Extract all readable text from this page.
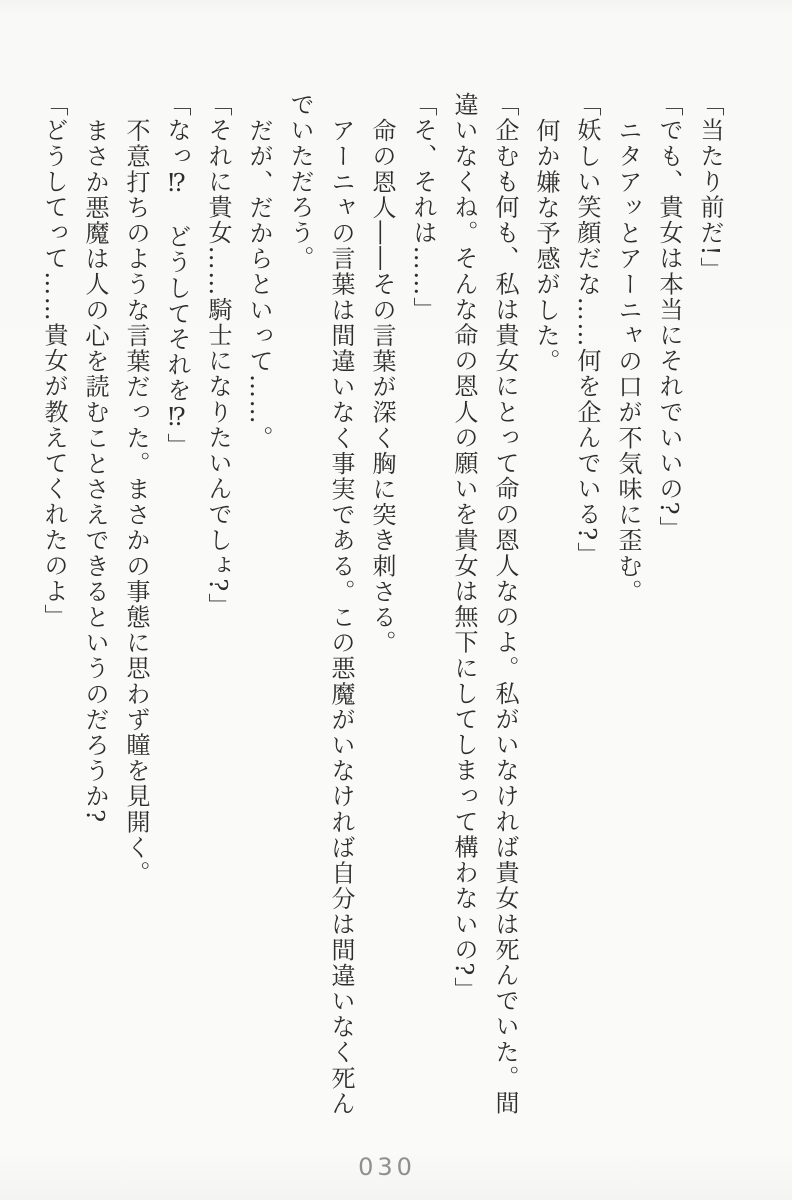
「当たり前だ!」

「でも、貴女は本当にそれでいいの?」

ニタアッとアーニャの口が不気味に歪む。

「妖しい笑顔だな……何を企んでいる?」

何か嫌な予感がした。

「企むも何も、私は貴女にとって命の恩人なのよ。私がいなければ貴女は死んでいた。間

違いなくね。そんな命の恩人の願いを貴女は無下にしてしまって構わないの?」

「そ、それは……」

命の恩人――その言葉が深く胸に突き刺さる。

アーニャの言葉は間違いなく事実である。この悪魔がいなければ自分は間違いなく死ん

でいただろう。

だが、だからといって……。

「それに貴女……騎士になりたいんでしょ?」

「なっ⁉　どうしてそれを⁉」

不意打ちのような言葉だった。まさかの事態に思わず瞳を見開く。

まさか悪魔は人の心を読むことさえできるというのだろうか?

「どうしてって……貴女が教えてくれたのよ」

030
